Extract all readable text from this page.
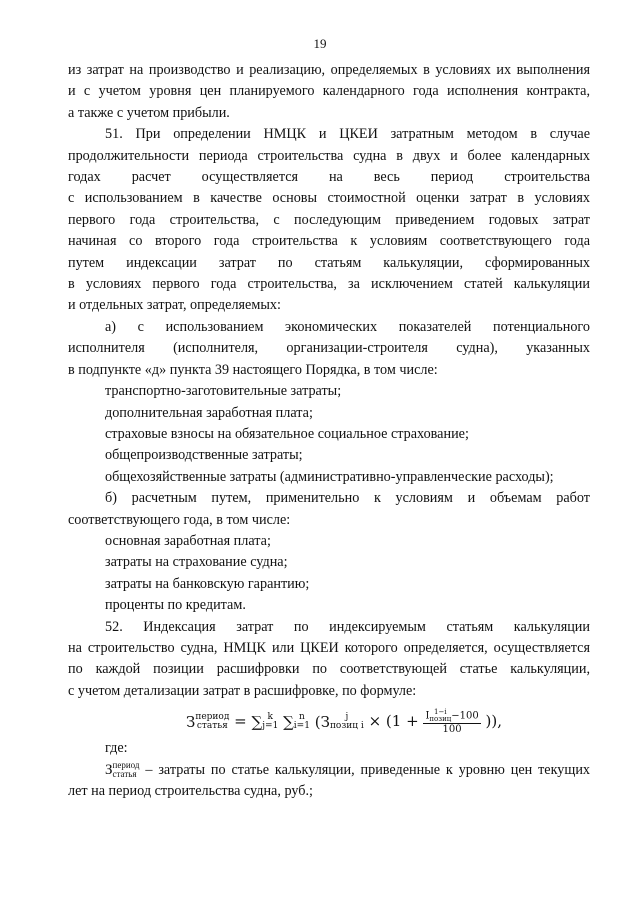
19

из затрат на производство и реализацию, определяемых в условиях их выполнения
и с учетом уровня цен планируемого календарного года исполнения контракта,
а также с учетом прибыли.

51. При определении НМЦК и ЦКЕИ затратным методом в случае
продолжительности периода строительства судна в двух и более календарных
годах расчет осуществляется на весь период строительства
с использованием в качестве основы стоимостной оценки затрат в условиях
первого года строительства, с последующим приведением годовых затрат
начиная со второго года строительства к условиям соответствующего года
путем индексации затрат по статьям калькуляции, сформированных
в условиях первого года строительства, за исключением статей калькуляции
и отдельных затрат, определяемых:

а) с использованием экономических показателей потенциального
исполнителя (исполнителя, организации-строителя судна), указанных
в подпункте «д» пункта 39 настоящего Порядка, в том числе:

транспортно-заготовительные затраты;

дополнительная заработная плата;

страховые взносы на обязательное социальное страхование;

общепроизводственные затраты;

общехозяйственные затраты (административно-управленческие расходы);

б) расчетным путем, применительно к условиям и объемам работ
соответствующего года, в том числе:

основная заработная плата;

затраты на страхование судна;

затраты на банковскую гарантию;

проценты по кредитам.

52. Индексация затрат по индексируемым статьям калькуляции
на строительство судна, НМЦК или ЦКЕИ которого определяется, осуществляется
по каждой позиции расшифровки по соответствующей статье калькуляции,
с учетом детализации затрат в расшифровке, по формуле:

З период
статья = ∑ k
j=1 ∑ n
i=1 (З	j
позиц i × (1 + I 1−i
позиц −100
100 )),

где:

З период
статья – затраты по статье калькуляции, приведенные к уровню цен текущих
лет на период строительства судна, руб.;
